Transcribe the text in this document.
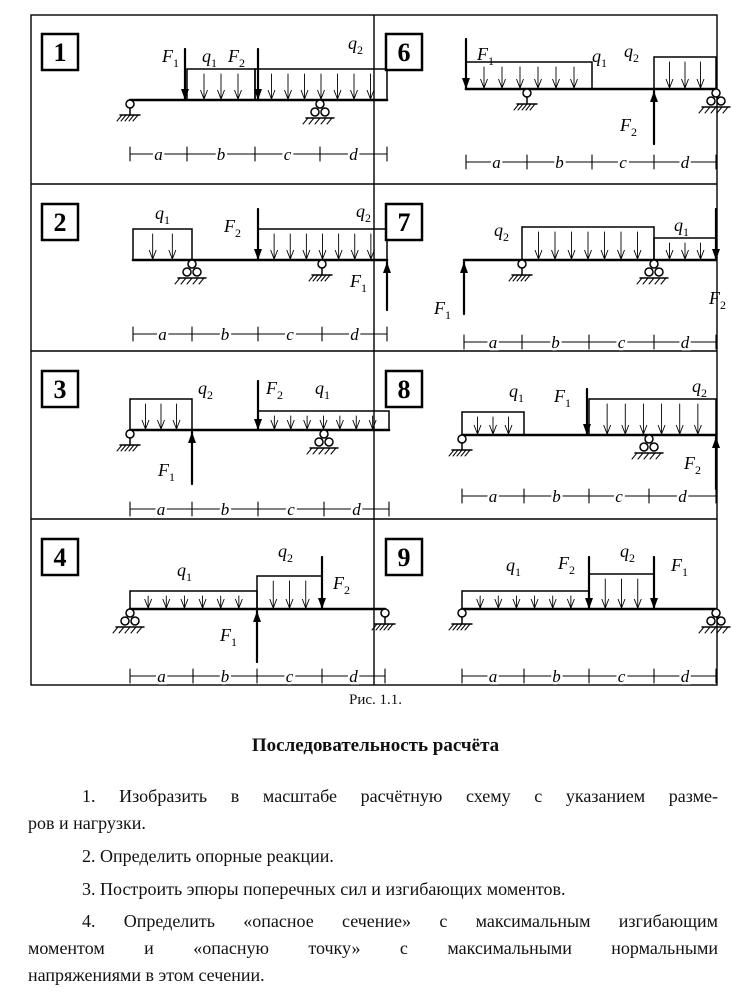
1	$F_1$ $q_1$ $F_2$
$q_2$
a	b	c	d
2	$q_1$	$F_2$
$q_2$
$F_1$
a	b	c	d
3	$q_2$	$F_2$ $q_1$
$F_1$
a	b	c	d
4	$q_1$
$q_2$
$F_2$
$F_1$
a	b	c	d
6	$F_1$	$q_1$
$q_2$
$F_2$
a	b	c	d
7	$q_2$
$q_1$
$F_1$
$F_2$
a	b	c	d
8	$q_1$ $F_1$
$q_2$
$F_2$
a	b	c	d
9	$q_1$ $F_2$
$q_2$ $F_1$
a	b	c	d
Рис. 1.1.
Последовательность расчёта

1. Изобразить в масштабе расчётную схему с указанием разме-

ров и нагрузки.

2. Определить опорные реакции.

3. Построить эпюры поперечных сил и изгибающих моментов.

4. Определить «опасное сечение» с максимальным изгибающим

моментом и «опасную точку» с максимальными нормальными

напряжениями в этом сечении.
